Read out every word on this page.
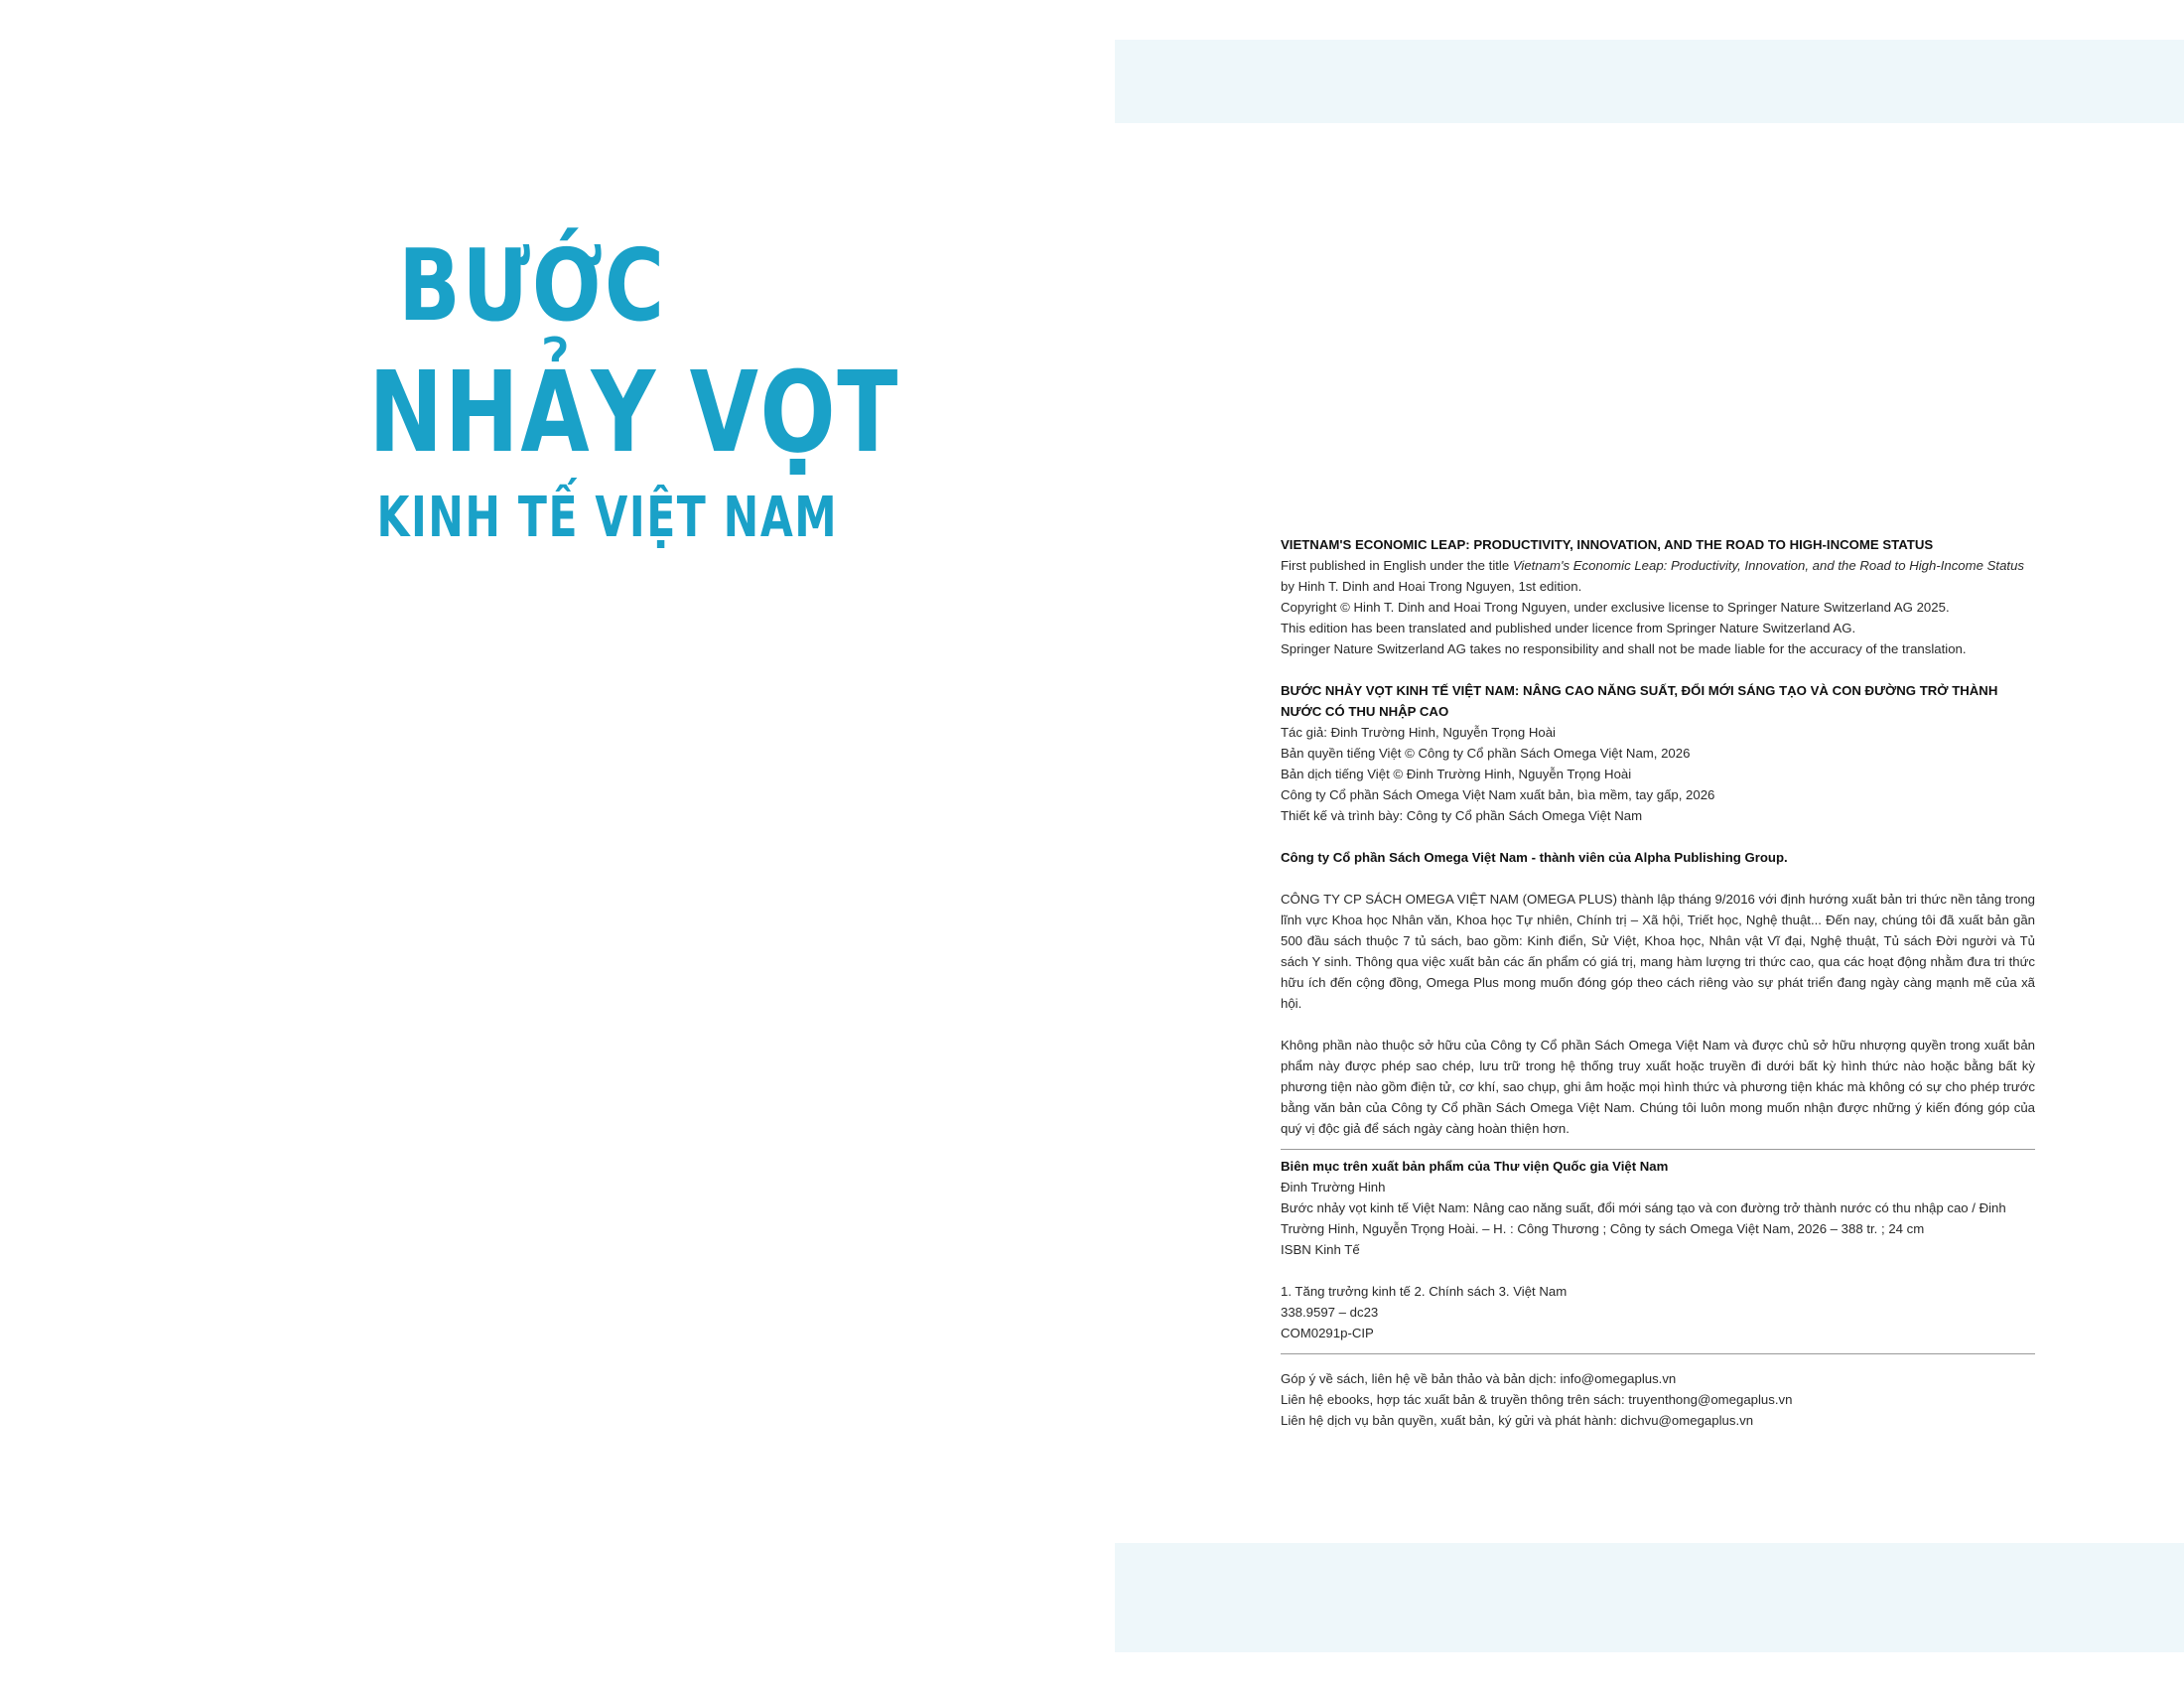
BƯỚC
NHẢY VỌT
KINH TẾ VIỆT NAM	VIETNAM'S ECONOMIC LEAP: PRODUCTIVITY, INNOVATION, AND THE ROAD TO HIGH-INCOME STATUS

First published in English under the title Vietnam's Economic Leap: Productivity, Innovation, and the Road to High-Income Status by Hinh T. Dinh and Hoai Trong Nguyen, 1st edition.

Copyright © Hinh T. Dinh and Hoai Trong Nguyen, under exclusive license to Springer Nature Switzerland AG 2025.

This edition has been translated and published under licence from Springer Nature Switzerland AG.

Springer Nature Switzerland AG takes no responsibility and shall not be made liable for the accuracy of the translation.

BƯỚC NHẢY VỌT KINH TẾ VIỆT NAM: NÂNG CAO NĂNG SUẤT, ĐỔI MỚI SÁNG TẠO VÀ CON ĐƯỜNG TRỞ THÀNH NƯỚC CÓ THU NHẬP CAO

Tác giả: Đinh Trường Hinh, Nguyễn Trọng Hoài

Bản quyền tiếng Việt © Công ty Cổ phần Sách Omega Việt Nam, 2026

Bản dịch tiếng Việt © Đinh Trường Hinh, Nguyễn Trọng Hoài

Công ty Cổ phần Sách Omega Việt Nam xuất bản, bìa mềm, tay gấp, 2026

Thiết kế và trình bày: Công ty Cổ phần Sách Omega Việt Nam

Công ty Cổ phần Sách Omega Việt Nam - thành viên của Alpha Publishing Group.

CÔNG TY CP SÁCH OMEGA VIỆT NAM (OMEGA PLUS) thành lập tháng 9/2016 với định hướng xuất bản tri thức nền tảng trong lĩnh vực Khoa học Nhân văn, Khoa học Tự nhiên, Chính trị – Xã hội, Triết học, Nghệ thuật... Đến nay, chúng tôi đã xuất bản gần 500 đầu sách thuộc 7 tủ sách, bao gồm: Kinh điển, Sử Việt, Khoa học, Nhân vật Vĩ đại, Nghệ thuật, Tủ sách Đời người và Tủ sách Y sinh. Thông qua việc xuất bản các ấn phẩm có giá trị, mang hàm lượng tri thức cao, qua các hoạt động nhằm đưa tri thức hữu ích đến cộng đồng, Omega Plus mong muốn đóng góp theo cách riêng vào sự phát triển đang ngày càng mạnh mẽ của xã hội.

Không phần nào thuộc sở hữu của Công ty Cổ phần Sách Omega Việt Nam và được chủ sở hữu nhượng quyền trong xuất bản phẩm này được phép sao chép, lưu trữ trong hệ thống truy xuất hoặc truyền đi dưới bất kỳ hình thức nào hoặc bằng bất kỳ phương tiện nào gồm điện tử, cơ khí, sao chụp, ghi âm hoặc mọi hình thức và phương tiện khác mà không có sự cho phép trước bằng văn bản của Công ty Cổ phần Sách Omega Việt Nam. Chúng tôi luôn mong muốn nhận được những ý kiến đóng góp của quý vị độc giả để sách ngày càng hoàn thiện hơn.

Biên mục trên xuất bản phẩm của Thư viện Quốc gia Việt Nam

Đinh Trường Hinh

Bước nhảy vọt kinh tế Việt Nam: Nâng cao năng suất, đổi mới sáng tạo và con đường trở thành nước có thu nhập cao / Đinh Trường Hinh, Nguyễn Trọng Hoài. – H. : Công Thương ; Công ty sách Omega Việt Nam, 2026 – 388 tr. ; 24 cm

ISBN Kinh Tế

1. Tăng trưởng kinh tế 2. Chính sách 3. Việt Nam

338.9597 – dc23

COM0291p-CIP

Góp ý về sách, liên hệ về bản thảo và bản dịch: info@omegaplus.vn

Liên hệ ebooks, hợp tác xuất bản & truyền thông trên sách: truyenthong@omegaplus.vn

Liên hệ dịch vụ bản quyền, xuất bản, ký gửi và phát hành: dichvu@omegaplus.vn
